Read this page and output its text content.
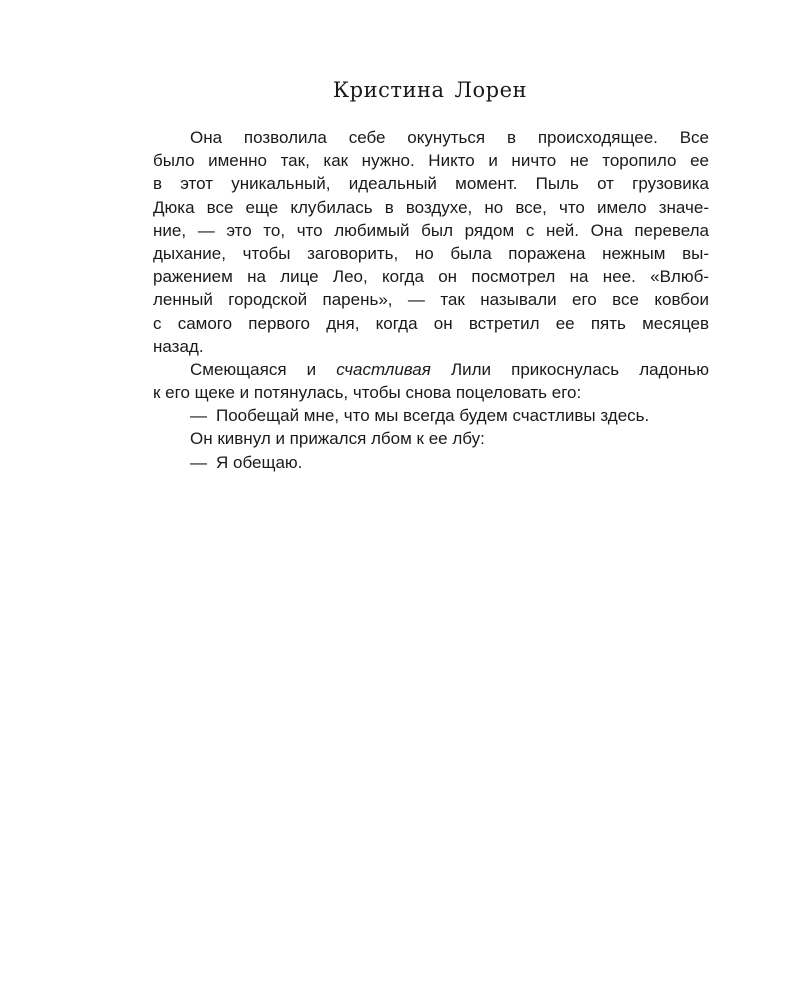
Кристина Лорен
Она позволила себе окунуться в происходящее. Все
было именно так, как нужно. Никто и ничто не торопило ее
в этот уникальный, идеальный момент. Пыль от грузовика
Дюка все еще клубилась в воздухе, но все, что имело значе-
ние, — это то, что любимый был рядом с ней. Она перевела
дыхание, чтобы заговорить, но была поражена нежным вы-
ражением на лице Лео, когда он посмотрел на нее. «Влюб-
ленный городской парень», — так называли его все ковбои
с самого первого дня, когда он встретил ее пять месяцев
назад.
Смеющаяся и счастливая Лили прикоснулась ладонью
к его щеке и потянулась, чтобы снова поцеловать его:
— Пообещай мне, что мы всегда будем счастливы здесь.
Он кивнул и прижался лбом к ее лбу:
— Я обещаю.
